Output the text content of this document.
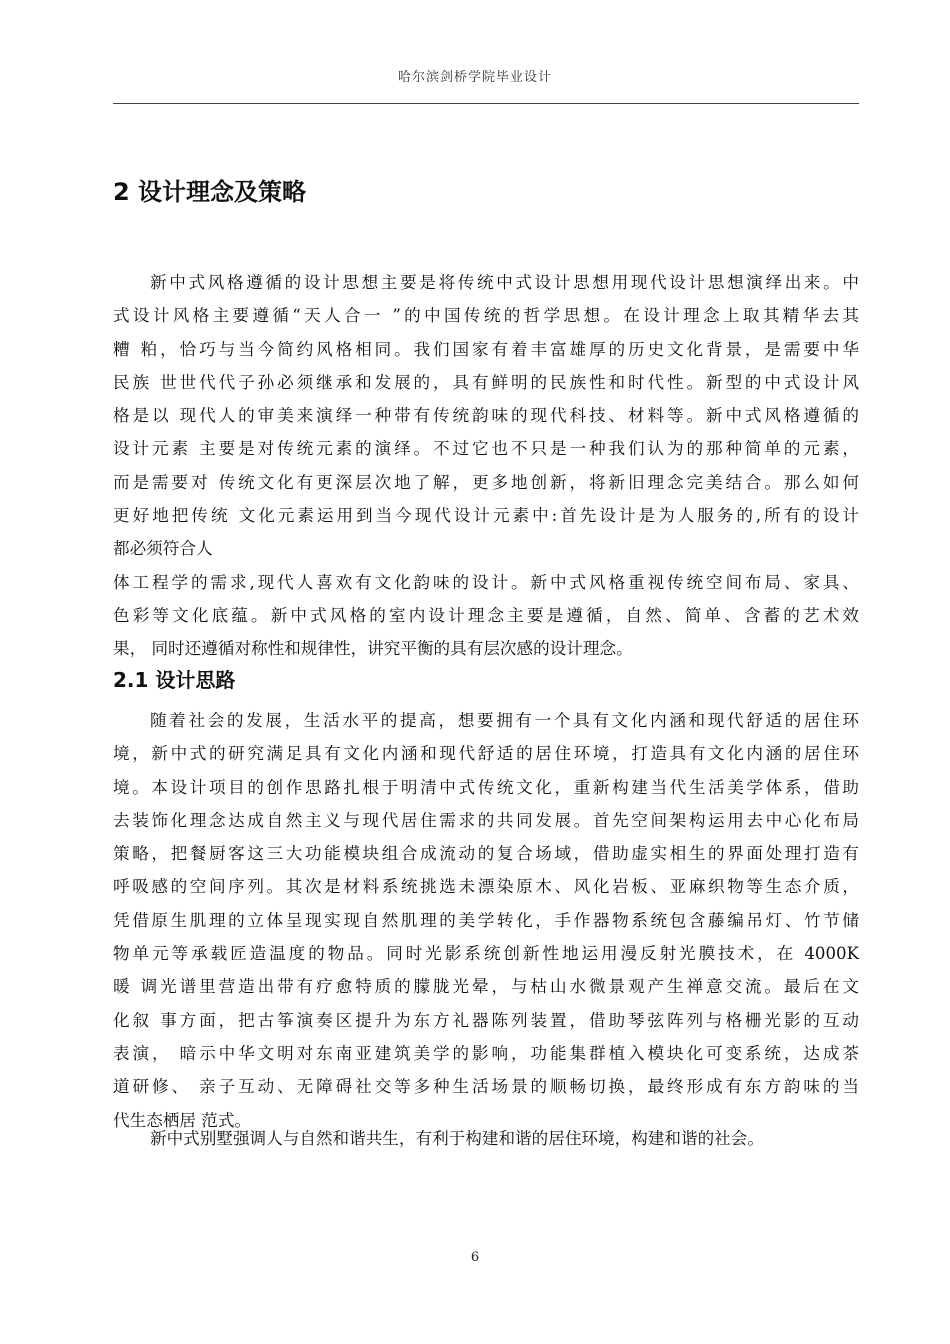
哈尔滨剑桥学院毕业设计
2 设计理念及策略
新中式风格遵循的设计思想主要是将传统中式设计思想用现代设计思想演绎出来。中
式设计风格主要遵循“天人合一 ”的中国传统的哲学思想。在设计理念上取其精华去其
糟 粕，恰巧与当今简约风格相同。我们国家有着丰富雄厚的历史文化背景，是需要中华
民族 世世代代子孙必须继承和发展的，具有鲜明的民族性和时代性。新型的中式设计风
格是以 现代人的审美来演绎一种带有传统韵味的现代科技、材料等。新中式风格遵循的
设计元素 主要是对传统元素的演绎。不过它也不只是一种我们认为的那种简单的元素，
而是需要对 传统文化有更深层次地了解，更多地创新，将新旧理念完美结合。那么如何
更好地把传统 文化元素运用到当今现代设计元素中:首先设计是为人服务的,所有的设计
都必须符合人
体工程学的需求,现代人喜欢有文化韵味的设计。新中式风格重视传统空间布局、家具、
色彩等文化底蕴。新中式风格的室内设计理念主要是遵循，自然、简单、含蓄的艺术效
果， 同时还遵循对称性和规律性，讲究平衡的具有层次感的设计理念。
2.1 设计思路
随着社会的发展，生活水平的提高，想要拥有一个具有文化内涵和现代舒适的居住环
境，新中式的研究满足具有文化内涵和现代舒适的居住环境，打造具有文化内涵的居住环
境。本设计项目的创作思路扎根于明清中式传统文化，重新构建当代生活美学体系，借助
去装饰化理念达成自然主义与现代居住需求的共同发展。首先空间架构运用去中心化布局
策略，把餐厨客这三大功能模块组合成流动的复合场域，借助虚实相生的界面处理打造有
呼吸感的空间序列。其次是材料系统挑选未漂染原木、风化岩板、亚麻织物等生态介质，
凭借原生肌理的立体呈现实现自然肌理的美学转化，手作器物系统包含藤编吊灯、竹节储
物单元等承载匠造温度的物品。同时光影系统创新性地运用漫反射光膜技术，在 4000K
暖 调光谱里营造出带有疗愈特质的朦胧光晕，与枯山水微景观产生禅意交流。最后在文
化叙 事方面，把古筝演奏区提升为东方礼器陈列装置，借助琴弦阵列与格栅光影的互动
表演， 暗示中华文明对东南亚建筑美学的影响，功能集群植入模块化可变系统，达成茶
道研修、 亲子互动、无障碍社交等多种生活场景的顺畅切换，最终形成有东方韵味的当
代生态栖居 范式。
新中式别墅强调人与自然和谐共生，有利于构建和谐的居住环境，构建和谐的社会。
6
